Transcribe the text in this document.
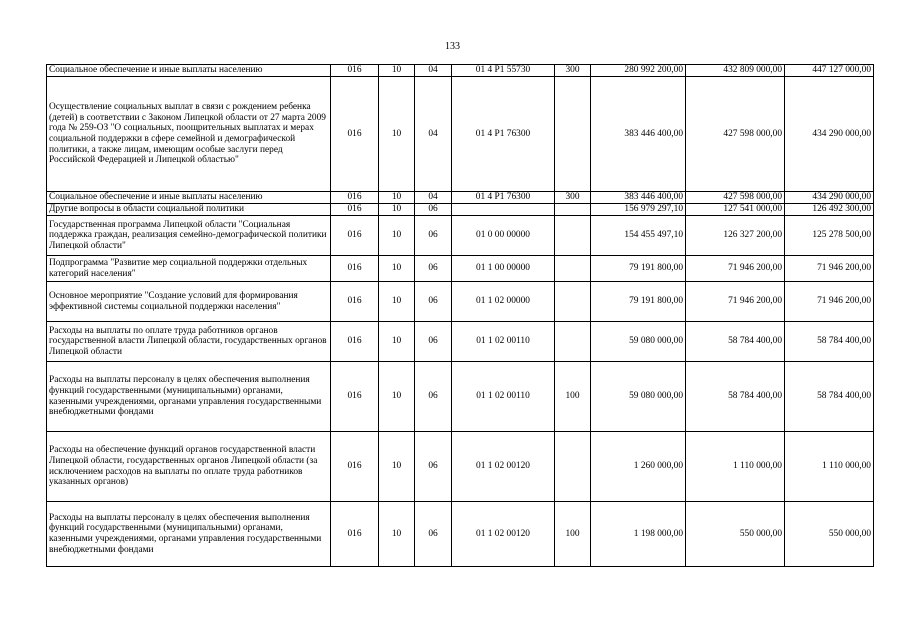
133
Социальное обеспечение и иные выплаты населению	016	10	04	01 4 P1 55730	300	280 992 200,00	432 809 000,00	447 127 000,00
Осуществление социальных выплат в связи с рождением ребенка (детей) в соответствии с Законом Липецкой области от 27 марта 2009 года № 259-ОЗ "О социальных, поощрительных выплатах и мерах социальной поддержки в сфере семейной и демографической политики, а также лицам, имеющим особые заслуги перед Российской Федерацией и Липецкой областью"	016	10	04	01 4 P1 76300		383 446 400,00	427 598 000,00	434 290 000,00
Социальное обеспечение и иные выплаты населению	016	10	04	01 4 P1 76300	300	383 446 400,00	427 598 000,00	434 290 000,00
Другие вопросы в области социальной политики	016	10	06			156 979 297,10	127 541 000,00	126 492 300,00
Государственная программа Липецкой области "Социальная поддержка граждан, реализация семейно-демографической политики Липецкой области"	016	10	06	01 0 00 00000		154 455 497,10	126 327 200,00	125 278 500,00
Подпрограмма "Развитие мер социальной поддержки отдельных категорий населения"	016	10	06	01 1 00 00000		79 191 800,00	71 946 200,00	71 946 200,00
Основное мероприятие "Создание условий для формирования эффективной системы социальной поддержки населения"	016	10	06	01 1 02 00000		79 191 800,00	71 946 200,00	71 946 200,00
Расходы на выплаты по оплате труда работников органов государственной власти Липецкой области, государственных органов Липецкой области	016	10	06	01 1 02 00110		59 080 000,00	58 784 400,00	58 784 400,00
Расходы на выплаты персоналу в целях обеспечения выполнения функций государственными (муниципальными) органами, казенными учреждениями, органами управления государственными внебюджетными фондами	016	10	06	01 1 02 00110	100	59 080 000,00	58 784 400,00	58 784 400,00
Расходы на обеспечение функций органов государственной власти Липецкой области, государственных органов Липецкой области (за исключением расходов на выплаты по оплате труда работников указанных органов)	016	10	06	01 1 02 00120		1 260 000,00	1 110 000,00	1 110 000,00
Расходы на выплаты персоналу в целях обеспечения выполнения функций государственными (муниципальными) органами, казенными учреждениями, органами управления государственными внебюджетными фондами	016	10	06	01 1 02 00120	100	1 198 000,00	550 000,00	550 000,00
